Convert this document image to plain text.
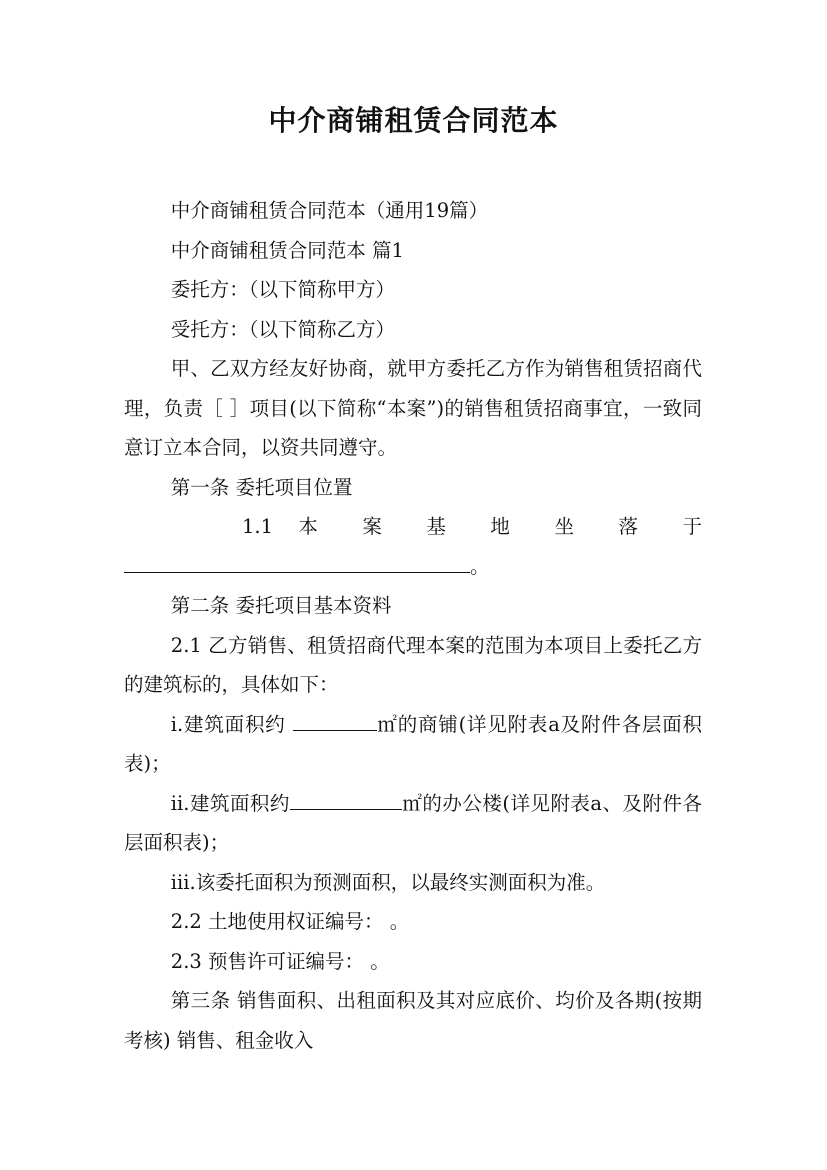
中介商铺租赁合同范本

中介商铺租赁合同范本（通用19篇）

中介商铺租赁合同范本 篇1

委托方：（以下简称甲方）

受托方：（以下简称乙方）

甲、乙双方经友好协商，就甲方委托乙方作为销售租赁招商代理，负责［ ］项目(以下简称“本案”)的销售租赁招商事宜，一致同意订立本合同，以资共同遵守。

第一条 委托项目位置

1.1 本 案 基 地 坐 落 于

。

第二条 委托项目基本资料

2.1 乙方销售、租赁招商代理本案的范围为本项目上委托乙方的建筑标的，具体如下：

i.建筑面积约	㎡的商铺(详见附表a及附件各层面积表)；

ii.建筑面积约	㎡的办公楼(详见附表a、及附件各层面积表)；

iii.该委托面积为预测面积，以最终实测面积为准。

2.2 土地使用权证编号： 。

2.3 预售许可证编号： 。

第三条 销售面积、出租面积及其对应底价、均价及各期(按期考核) 销售、租金收入
